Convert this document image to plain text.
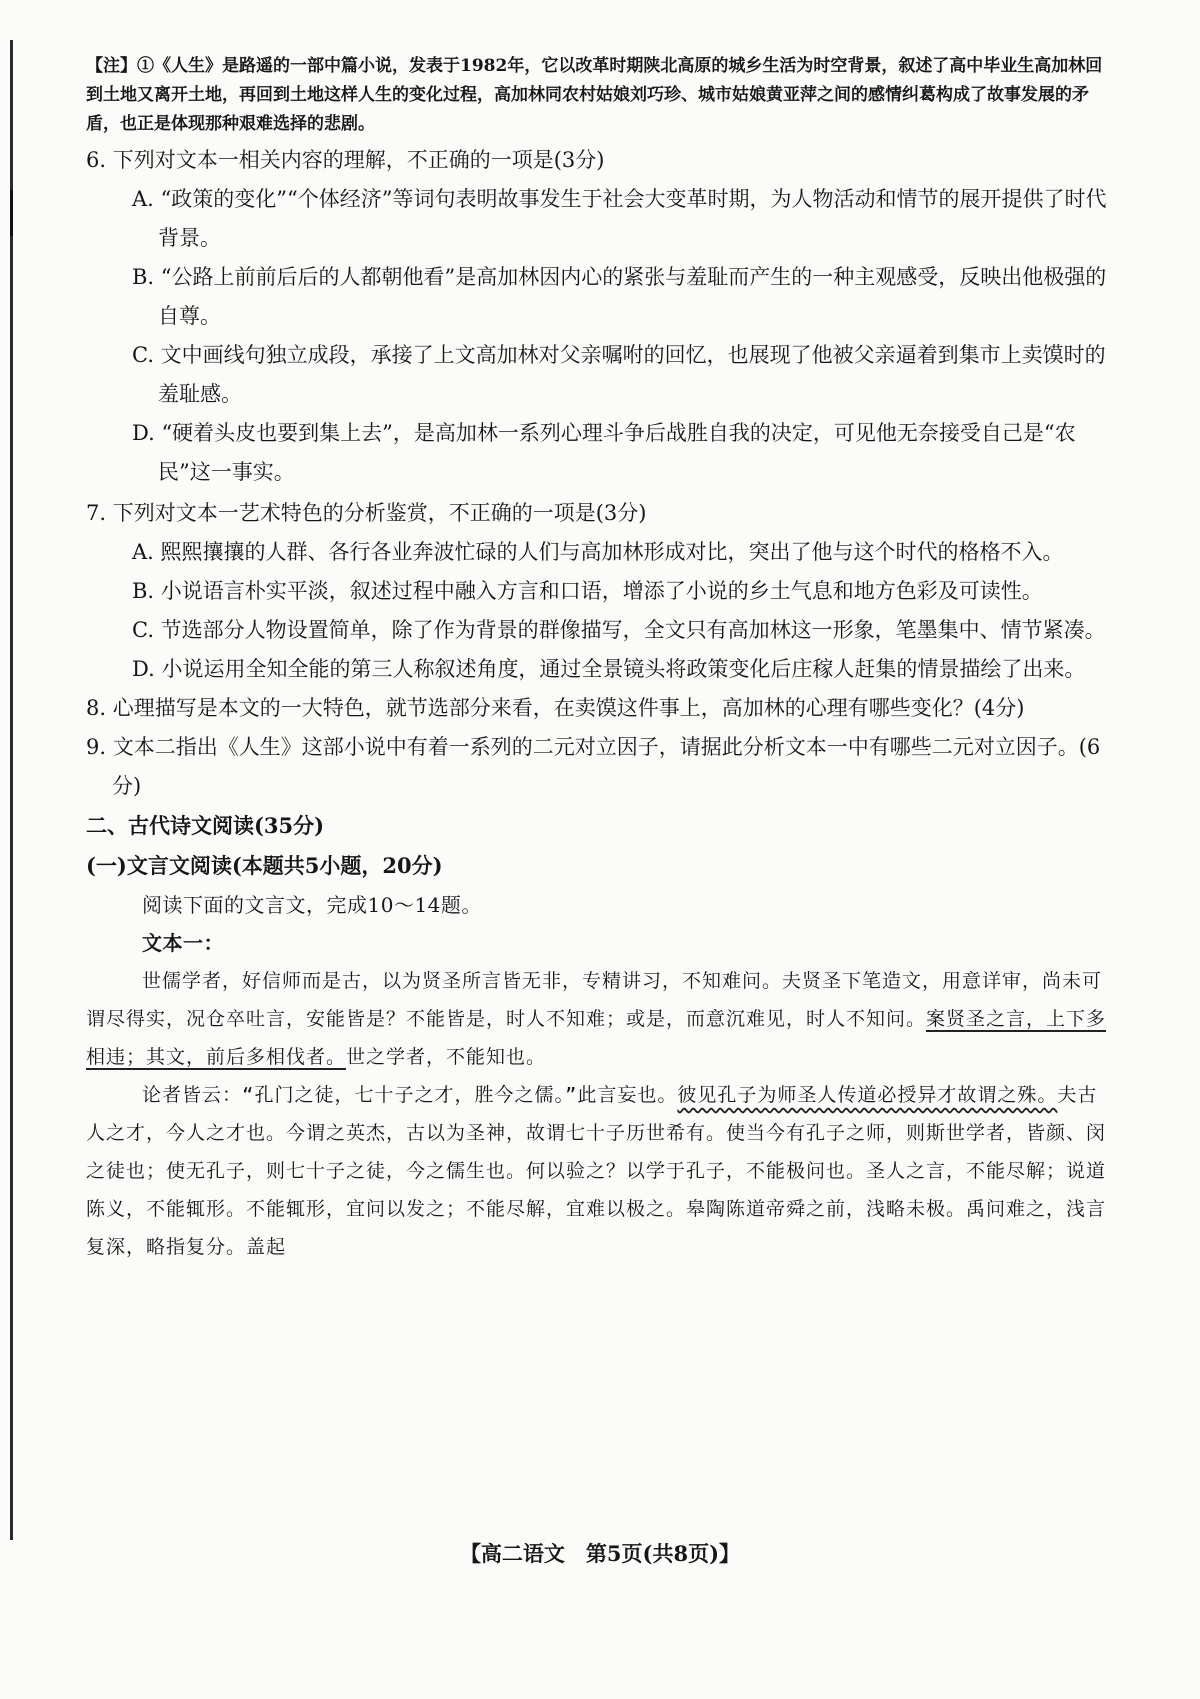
【注】①《人生》是路遥的一部中篇小说，发表于1982年，它以改革时期陕北高原的城乡生活为时空背景，叙述了高中毕业生高加林回到土地又离开土地，再回到土地这样人生的变化过程，高加林同农村姑娘刘巧珍、城市姑娘黄亚萍之间的感情纠葛构成了故事发展的矛盾，也正是体现那种艰难选择的悲剧。

6. 下列对文本一相关内容的理解，不正确的一项是(3分)

A. “政策的变化”“个体经济”等词句表明故事发生于社会大变革时期，为人物活动和情节的展开提供了时代背景。

B. “公路上前前后后的人都朝他看”是高加林因内心的紧张与羞耻而产生的一种主观感受，反映出他极强的自尊。

C. 文中画线句独立成段，承接了上文高加林对父亲嘱咐的回忆，也展现了他被父亲逼着到集市上卖馍时的羞耻感。

D. “硬着头皮也要到集上去”，是高加林一系列心理斗争后战胜自我的决定，可见他无奈接受自己是“农民”这一事实。

7. 下列对文本一艺术特色的分析鉴赏，不正确的一项是(3分)

A. 熙熙攘攘的人群、各行各业奔波忙碌的人们与高加林形成对比，突出了他与这个时代的格格不入。

B. 小说语言朴实平淡，叙述过程中融入方言和口语，增添了小说的乡土气息和地方色彩及可读性。

C. 节选部分人物设置简单，除了作为背景的群像描写，全文只有高加林这一形象，笔墨集中、情节紧凑。

D. 小说运用全知全能的第三人称叙述角度，通过全景镜头将政策变化后庄稼人赶集的情景描绘了出来。

8. 心理描写是本文的一大特色，就节选部分来看，在卖馍这件事上，高加林的心理有哪些变化？(4分)

9. 文本二指出《人生》这部小说中有着一系列的二元对立因子，请据此分析文本一中有哪些二元对立因子。(6分)

二、古代诗文阅读(35分)

(一)文言文阅读(本题共5小题，20分)

阅读下面的文言文，完成10～14题。

文本一：

世儒学者，好信师而是古，以为贤圣所言皆无非，专精讲习，不知难问。夫贤圣下笔造文，用意详审，尚未可谓尽得实，况仓卒吐言，安能皆是？不能皆是，时人不知难；或是，而意沉难见，时人不知问。案贤圣之言，上下多相违；其文，前后多相伐者。世之学者，不能知也。

论者皆云：“孔门之徒，七十子之才，胜今之儒。”此言妄也。彼见孔子为师圣人传道必授异才故谓之殊。夫古人之才，今人之才也。今谓之英杰，古以为圣神，故谓七十子历世希有。使当今有孔子之师，则斯世学者，皆颜、闵之徒也；使无孔子，则七十子之徒，今之儒生也。何以验之？以学于孔子，不能极问也。圣人之言，不能尽解；说道陈义，不能辄形。不能辄形，宜问以发之；不能尽解，宜难以极之。皋陶陈道帝舜之前，浅略未极。禹问难之，浅言复深，略指复分。盖起

【高二语文　第5页(共8页)】
